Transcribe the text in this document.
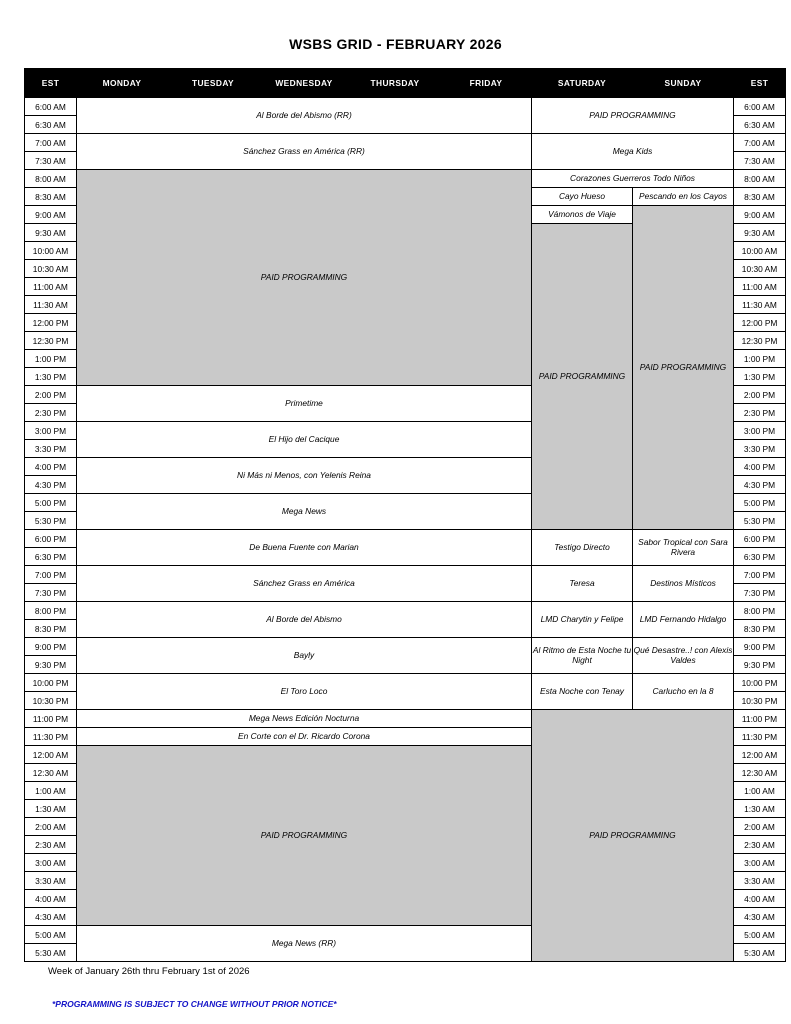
WSBS GRID - FEBRUARY 2026
EST	MONDAY	TUESDAY	WEDNESDAY	THURSDAY	FRIDAY	SATURDAY	SUNDAY	EST
6:00 AM	Al Borde del Abismo (RR)					PAID PROGRAMMING		6:00 AM
6:30 AM								6:30 AM
7:00 AM	Sánchez Grass en América (RR)					Mega Kids		7:00 AM
7:30 AM								7:30 AM
8:00 AM	PAID PROGRAMMING					Corazones Guerreros Todo Niños		8:00 AM
8:30 AM						Cayo Hueso	Pescando en los Cayos	8:30 AM
9:00 AM						Vámonos de Viaje	PAID PROGRAMMING	9:00 AM
9:30 AM						PAID PROGRAMMING		9:30 AM
10:00 AM								10:00 AM
10:30 AM								10:30 AM
11:00 AM								11:00 AM
11:30 AM								11:30 AM
12:00 PM								12:00 PM
12:30 PM								12:30 PM
1:00 PM								1:00 PM
1:30 PM								1:30 PM
2:00 PM	Primetime							2:00 PM
2:30 PM								2:30 PM
3:00 PM	El Hijo del Cacique							3:00 PM
3:30 PM								3:30 PM
4:00 PM	Ni Más ni Menos, con Yelenis Reina							4:00 PM
4:30 PM								4:30 PM
5:00 PM	Mega News							5:00 PM
5:30 PM								5:30 PM
6:00 PM	De Buena Fuente con Marian					Testigo Directo	Sabor Tropical con Sara Rivera	6:00 PM
6:30 PM								6:30 PM
7:00 PM	Sánchez Grass en América					Teresa	Destinos Místicos	7:00 PM
7:30 PM								7:30 PM
8:00 PM	Al Borde del Abismo					LMD Charytin y Felipe	LMD Fernando Hidalgo	8:00 PM
8:30 PM								8:30 PM
9:00 PM	Bayly					Al Ritmo de Esta Noche tu Night	Qué Desastre..! con Alexis Valdes	9:00 PM
9:30 PM								9:30 PM
10:00 PM	El Toro Loco					Esta Noche con Tenay	Carlucho en la 8	10:00 PM
10:30 PM								10:30 PM
11:00 PM	Mega News Edición Nocturna					PAID PROGRAMMING		11:00 PM
11:30 PM	En Corte con el Dr. Ricardo Corona							11:30 PM
12:00 AM	PAID PROGRAMMING							12:00 AM
12:30 AM								12:30 AM
1:00 AM								1:00 AM
1:30 AM								1:30 AM
2:00 AM								2:00 AM
2:30 AM								2:30 AM
3:00 AM								3:00 AM
3:30 AM								3:30 AM
4:00 AM								4:00 AM
4:30 AM								4:30 AM
5:00 AM	Mega News (RR)							5:00 AM
5:30 AM								5:30 AM
Week of January 26th thru February 1st of 2026
*PROGRAMMING IS SUBJECT TO CHANGE WITHOUT PRIOR NOTICE*
